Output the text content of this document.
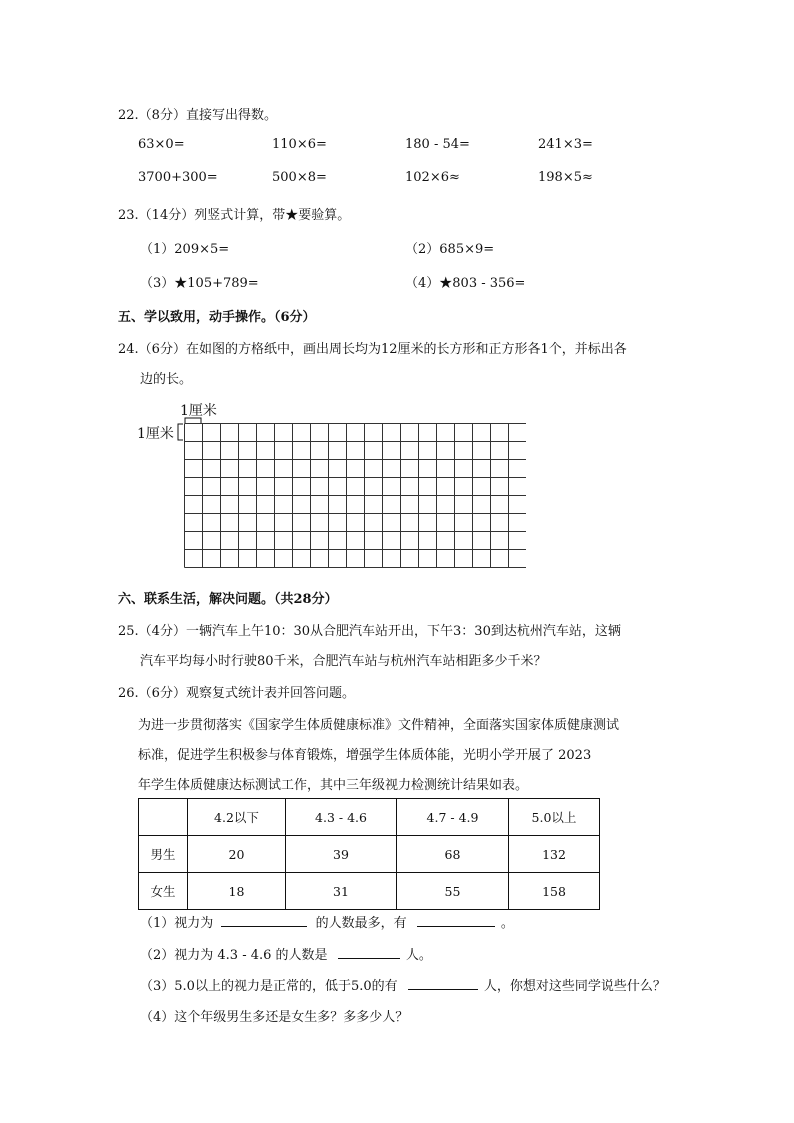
22.（8分）直接写出得数。
63×0=	110×6=	180 - 54=	241×3=
3700+300=	500×8=	102×6≈	198×5≈
23.（14分）列竖式计算，带★要验算。
（1）209×5=	（2）685×9=
（3）★105+789=	（4）★803 - 356=
五、学以致用，动手操作。（6分）
24.（6分）在如图的方格纸中，画出周长均为12厘米的长方形和正方形各1个，并标出各
边的长。
1厘米
1厘米
六、联系生活，解决问题。（共28分）
25.（4分）一辆汽车上午10：30从合肥汽车站开出，下午3：30到达杭州汽车站，这辆
汽车平均每小时行驶80千米，合肥汽车站与杭州汽车站相距多少千米？
26.（6分）观察复式统计表并回答问题。
为进一步贯彻落实《国家学生体质健康标准》文件精神，全面落实国家体质健康测试
标准，促进学生积极参与体育锻炼，增强学生体质体能，光明小学开展了 2023
年学生体质健康达标测试工作，其中三年级视力检测统计结果如表。
	4.2以下	4.3 - 4.6	4.7 - 4.9	5.0以上
男生	20	39	68	132
女生	18	31	55	158
（1）视力为	的人数最多，有	。
（2）视力为 4.3 - 4.6 的人数是	人。
（3）5.0以上的视力是正常的，低于5.0的有	人，你想对这些同学说些什么？
（4）这个年级男生多还是女生多？多多少人？
